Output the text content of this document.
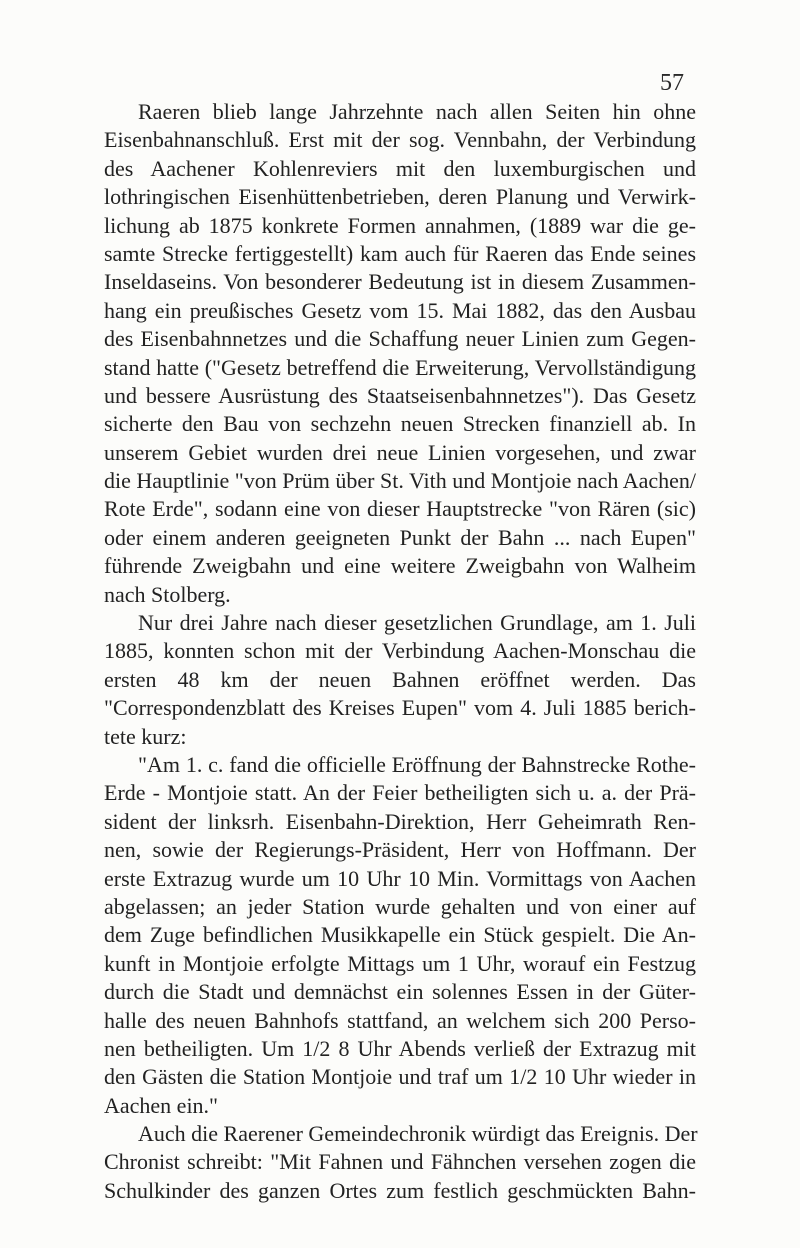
57
Raeren blieb lange Jahrzehnte nach allen Seiten hin ohne
Eisenbahnanschluß. Erst mit der sog. Vennbahn, der Verbindung
des Aachener Kohlenreviers mit den luxemburgischen und
lothringischen Eisenhüttenbetrieben, deren Planung und Verwirk-
lichung ab 1875 konkrete Formen annahmen, (1889 war die ge-
samte Strecke fertiggestellt) kam auch für Raeren das Ende seines
Inseldaseins. Von besonderer Bedeutung ist in diesem Zusammen-
hang ein preußisches Gesetz vom 15. Mai 1882, das den Ausbau
des Eisenbahnnetzes und die Schaffung neuer Linien zum Gegen-
stand hatte ("Gesetz betreffend die Erweiterung, Vervollständigung
und bessere Ausrüstung des Staatseisenbahnnetzes"). Das Gesetz
sicherte den Bau von sechzehn neuen Strecken finanziell ab. In
unserem Gebiet wurden drei neue Linien vorgesehen, und zwar
die Hauptlinie "von Prüm über St. Vith und Montjoie nach Aachen/
Rote Erde", sodann eine von dieser Hauptstrecke "von Rären (sic)
oder einem anderen geeigneten Punkt der Bahn ... nach Eupen"
führende Zweigbahn und eine weitere Zweigbahn von Walheim
nach Stolberg.
Nur drei Jahre nach dieser gesetzlichen Grundlage, am 1. Juli
1885, konnten schon mit der Verbindung Aachen-Monschau die
ersten 48 km der neuen Bahnen eröffnet werden. Das
"Correspondenzblatt des Kreises Eupen" vom 4. Juli 1885 berich-
tete kurz:
"Am 1. c. fand die officielle Eröffnung der Bahnstrecke Rothe-
Erde - Montjoie statt. An der Feier betheiligten sich u. a. der Prä-
sident der linksrh. Eisenbahn-Direktion, Herr Geheimrath Ren-
nen, sowie der Regierungs-Präsident, Herr von Hoffmann. Der
erste Extrazug wurde um 10 Uhr 10 Min. Vormittags von Aachen
abgelassen; an jeder Station wurde gehalten und von einer auf
dem Zuge befindlichen Musikkapelle ein Stück gespielt. Die An-
kunft in Montjoie erfolgte Mittags um 1 Uhr, worauf ein Festzug
durch die Stadt und demnächst ein solennes Essen in der Güter-
halle des neuen Bahnhofs stattfand, an welchem sich 200 Perso-
nen betheiligten. Um 1/2 8 Uhr Abends verließ der Extrazug mit
den Gästen die Station Montjoie und traf um 1/2 10 Uhr wieder in
Aachen ein."
Auch die Raerener Gemeindechronik würdigt das Ereignis. Der
Chronist schreibt: "Mit Fahnen und Fähnchen versehen zogen die
Schulkinder des ganzen Ortes zum festlich geschmückten Bahn-
